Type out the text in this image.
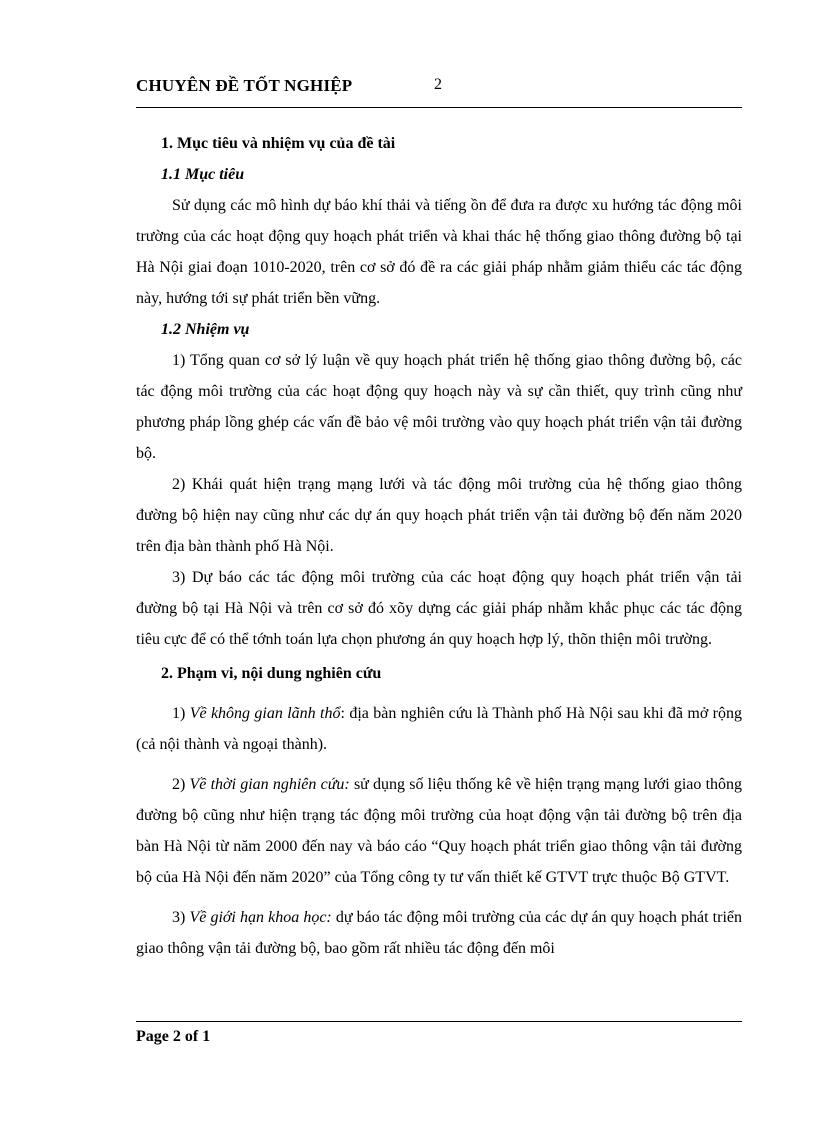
CHUYÊN ĐỀ TỐT NGHIỆP	2

1. Mục tiêu và nhiệm vụ của đề tài

1.1 Mục tiêu

Sử dụng các mô hình dự báo khí thải và tiếng ồn để đưa ra được xu hướng tác động môi trường của các hoạt động quy hoạch phát triển và khai thác hệ thống giao thông đường bộ tại Hà Nội giai đoạn 1010-2020, trên cơ sở đó đề ra các giải pháp nhằm giảm thiểu các tác động này, hướng tới sự phát triển bền vững.

1.2 Nhiệm vụ

1) Tổng quan cơ sở lý luận về quy hoạch phát triển hệ thống giao thông đường bộ, các tác động môi trường của các hoạt động quy hoạch này và sự cần thiết, quy trình cũng như phương pháp lồng ghép các vấn đề bảo vệ môi trường vào quy hoạch phát triển vận tải đường bộ.

2) Khái quát hiện trạng mạng lưới và tác động môi trường của hệ thống giao thông đường bộ hiện nay cũng như các dự án quy hoạch phát triển vận tải đường bộ đến năm 2020 trên địa bàn thành phố Hà Nội.

3) Dự báo các tác động môi trường của các hoạt động quy hoạch phát triển vận tải đường bộ tại Hà Nội và trên cơ sở đó xõy dựng các giải pháp nhằm khắc phục các tác động tiêu cực để có thể tớnh toán lựa chọn phương án quy hoạch hợp lý, thõn thiện môi trường.

2. Phạm vi, nội dung nghiên cứu

1) Về không gian lãnh thổ: địa bàn nghiên cứu là Thành phố Hà Nội sau khi đã mở rộng (cả nội thành và ngoại thành).

2) Về thời gian nghiên cứu: sử dụng số liệu thống kê về hiện trạng mạng lưới giao thông đường bộ cũng như hiện trạng tác động môi trường của hoạt động vận tải đường bộ trên địa bàn Hà Nội từ năm 2000 đến nay và báo cáo “Quy hoạch phát triển giao thông vận tải đường bộ của Hà Nội đến năm 2020” của Tổng công ty tư vấn thiết kế GTVT trực thuộc Bộ GTVT.

3) Về giới hạn khoa học: dự báo tác động môi trường của các dự án quy hoạch phát triển giao thông vận tải đường bộ, bao gồm rất nhiều tác động đến môi

Page 2 of 1
